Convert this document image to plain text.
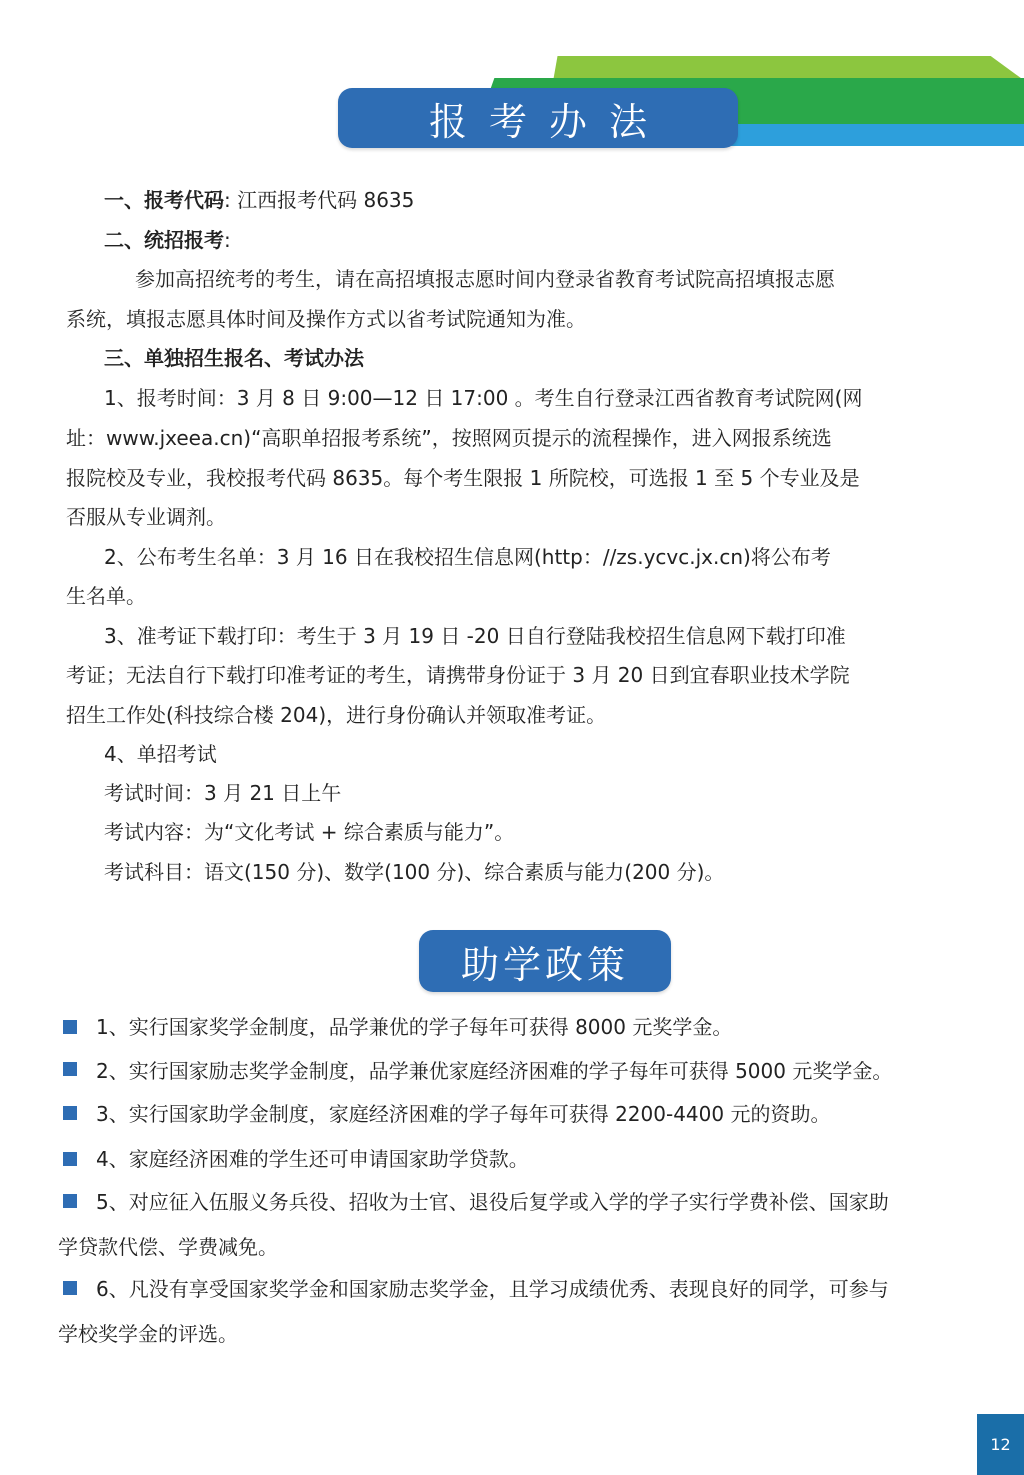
报考办法
一、报考代码: 江西报考代码 8635
二、统招报考:
参加高招统考的考生，请在高招填报志愿时间内登录省教育考试院高招填报志愿
系统，填报志愿具体时间及操作方式以省考试院通知为准。
三、单独招生报名、考试办法
1、报考时间：3 月 8 日 9:00—12 日 17:00 。考生自行登录江西省教育考试院网(网
址：www.jxeea.cn)“高职单招报考系统”，按照网页提示的流程操作，进入网报系统选
报院校及专业，我校报考代码 8635。每个考生限报 1 所院校，可选报 1 至 5 个专业及是
否服从专业调剂。
2、公布考生名单：3 月 16 日在我校招生信息网(http：//zs.ycvc.jx.cn)将公布考
生名单。
3、准考证下载打印：考生于 3 月 19 日 -20 日自行登陆我校招生信息网下载打印准
考证；无法自行下载打印准考证的考生，请携带身份证于 3 月 20 日到宜春职业技术学院
招生工作处(科技综合楼 204)，进行身份确认并领取准考证。
4、单招考试
考试时间：3 月 21 日上午
考试内容：为“文化考试 + 综合素质与能力”。
考试科目：语文(150 分)、数学(100 分)、综合素质与能力(200 分)。
助学政策
1、实行国家奖学金制度，品学兼优的学子每年可获得 8000 元奖学金。
2、实行国家励志奖学金制度，品学兼优家庭经济困难的学子每年可获得 5000 元奖学金。
3、实行国家助学金制度，家庭经济困难的学子每年可获得 2200-4400 元的资助。
4、家庭经济困难的学生还可申请国家助学贷款。
5、对应征入伍服义务兵役、招收为士官、退役后复学或入学的学子实行学费补偿、国家助
学贷款代偿、学费减免。
6、凡没有享受国家奖学金和国家励志奖学金，且学习成绩优秀、表现良好的同学，可参与
学校奖学金的评选。
12
